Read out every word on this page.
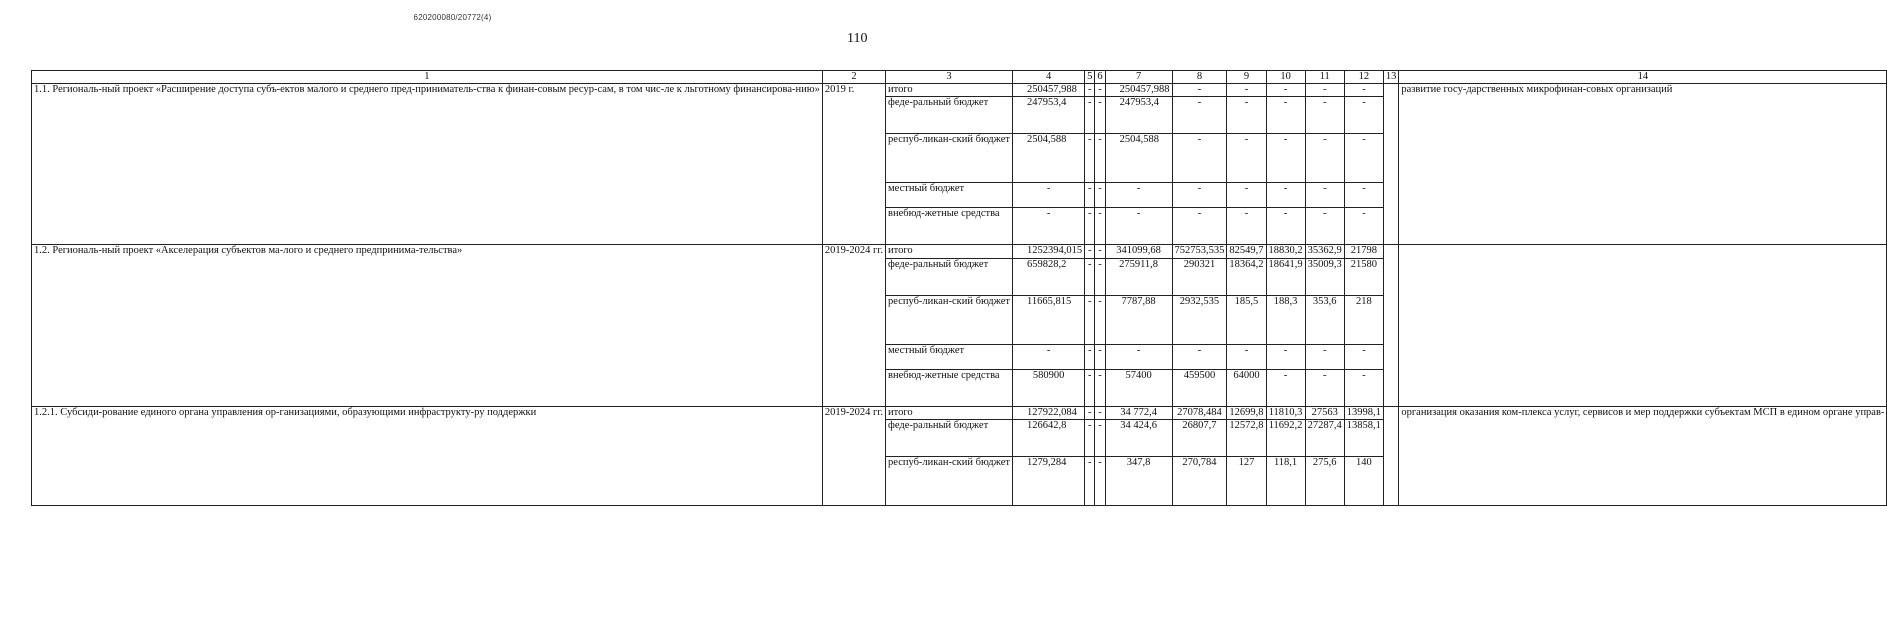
620200080/20772(4)
110
1	2	3	4	5	6	7	8	9	10	11	12	13	14
1.1. Региональ-ный проект «Расширение доступа субъ-ектов малого и среднего пред-приниматель-ства к финан-совым ресур-сам, в том чис-ле к льготному финансирова-нию»	2019 г.	итого	250457,988	-	-	250457,988	-	-	-	-	-		развитие госу-дарственных микрофинан-совых организаций
		феде-ральный бюджет	247953,4	-	-	247953,4	-	-	-	-	-		
		респуб-ликан-ский бюджет	2504,588	-	-	2504,588	-	-	-	-	-		
		местный бюджет	-	-	-	-	-	-	-	-	-		
		внебюд-жетные средства	-	-	-	-	-	-	-	-	-		
1.2. Региональ-ный проект «Акселерация субъектов ма-лого и среднего предпринима-тельства»	2019-2024 гг.	итого	1252394,015	-	-	341099,68	752753,535	82549,7	18830,2	35362,9	21798		
		феде-ральный бюджет	659828,2	-	-	275911,8	290321	18364,2	18641,9	35009,3	21580		
		респуб-ликан-ский бюджет	11665,815	-	-	7787,88	2932,535	185,5	188,3	353,6	218		
		местный бюджет	-	-	-	-	-	-	-	-	-		
		внебюд-жетные средства	580900	-	-	57400	459500	64000	-	-	-		
1.2.1. Субсиди-рование единого органа управления ор-ганизациями, образующими инфраструкту-ру поддержки	2019-2024 гг.	итого	127922,084	-	-	34 772,4	27078,484	12699,8	11810,3	27563	13998,1		организация оказания ком-плекса услуг, сервисов и мер поддержки субъектам МСП в едином органе управ-
		феде-ральный бюджет	126642,8	-	-	34 424,6	26807,7	12572,8	11692,2	27287,4	13858,1		
		респуб-ликан-ский бюджет	1279,284	-	-	347,8	270,784	127	118,1	275,6	140		
